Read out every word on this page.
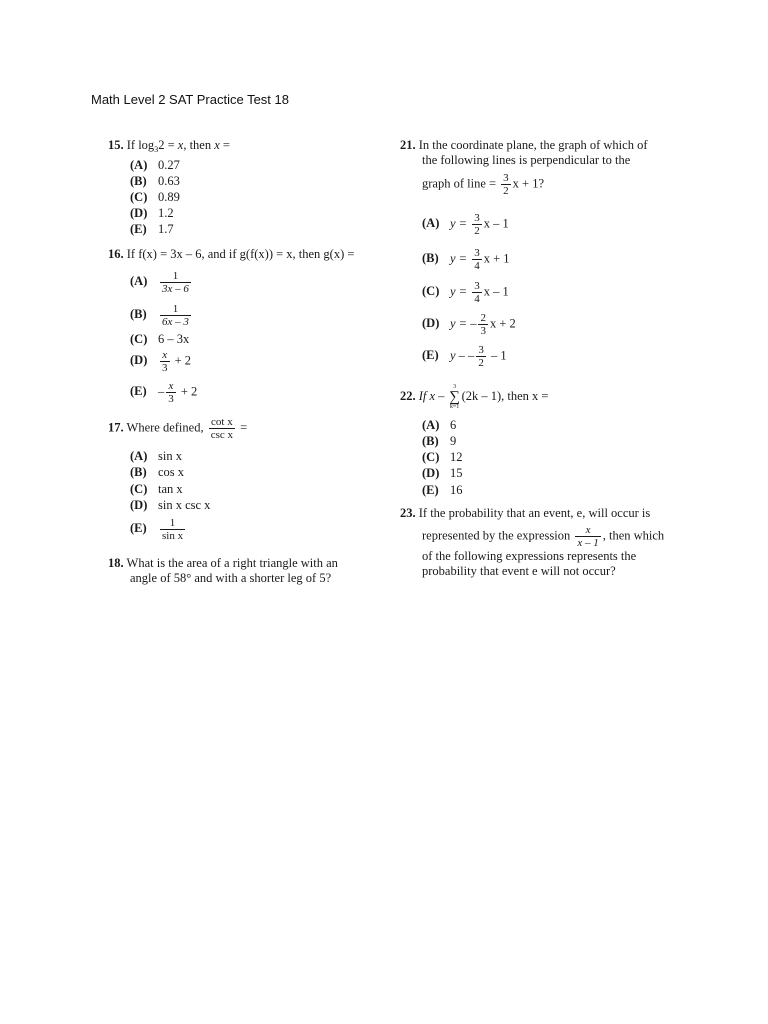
Math Level 2 SAT Practice Test 18
15. If $\log_32 = x$, then x =
(A) 0.27
(B) 0.63
(C) 0.89
(D) 1.2
(E) 1.7
16. If f(x) = 3x – 6, and if g(f(x)) = x, then g(x) =
$(A) \frac{1}{3x - 6}$
$(B) \frac{1}{6x - 3}$
(C) 6 – 3x
$(D) \frac{x}{3} + 2$
$(E) - \frac{x}{3} + 2$
17. Where defined, $\frac{\text{cot x}}{\text{csc x}}$ =
(A) sin x
(B) cos x
(C) tan x
(D) sin x csc x
$(E) \frac{1}{\text{sin x}}$
18. What is the area of a right triangle with an
angle of 58° and with a shorter leg of 5?
21. In the coordinate plane, the graph of which of
the following lines is perpendicular to the
graph of line = $\frac{3}{2}$ x + 1?
(A) $y = \frac{3}{2}$ x – 1
(B) $y = \frac{3}{4}$ x + 1
(C) $y = \frac{3}{4}$ x – 1
(D) y = – $\frac{2}{3}$ x + 2
(E) y – – $\frac{3}{2} - 1$
22. If x –
3
∑
k=1
(2k – 1), then x =
(A) 6
(B) 9
(C) 12
(D) 15
(E) 16
23. If the probability that an event, e, will occur is
represented by the expression $\frac{x}{x - 1}$ , then which
of the following expressions represents the
probability that event e will not occur?
